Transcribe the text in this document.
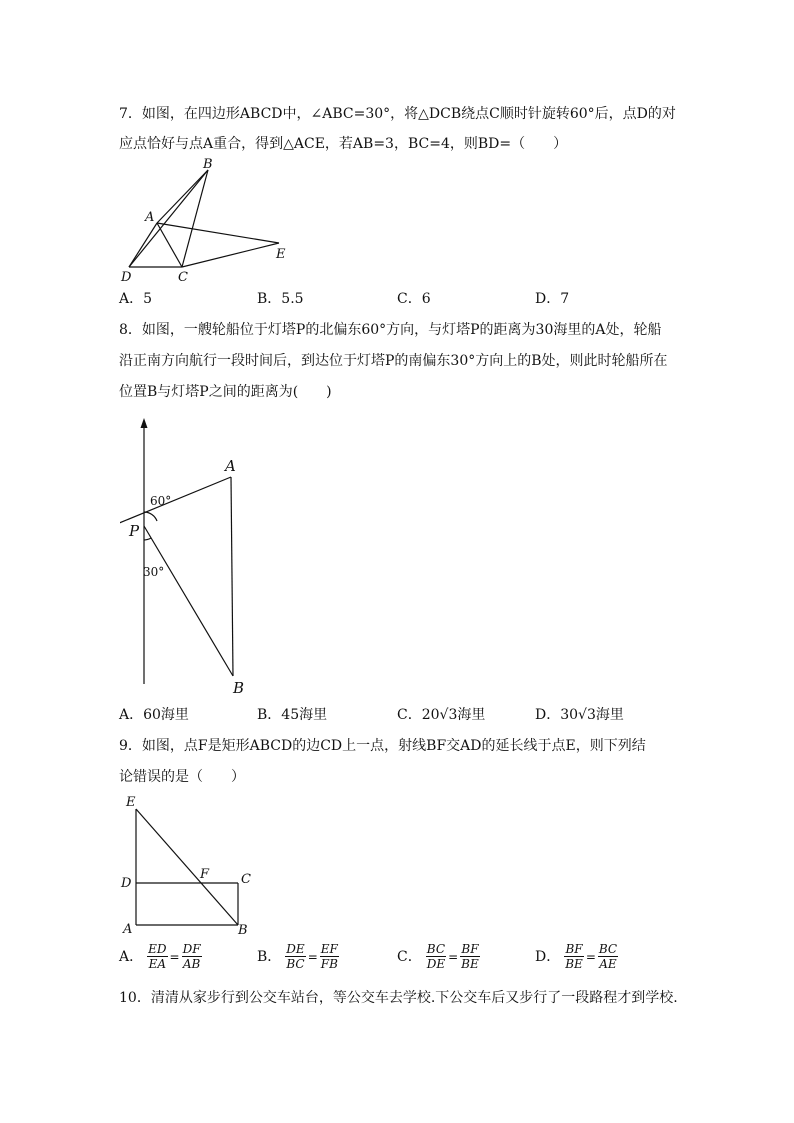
7．如图，在四边形ABCD中，∠ABC=30°，将△DCB绕点C顺时针旋转60°后，点D的对
应点恰好与点A重合，得到△ACE，若AB=3，BC=4，则BD=（　　）
B
A
D	C
E
A．5	B．5.5	C．6	D．7
8．如图，一艘轮船位于灯塔P的北偏东60°方向，与灯塔P的距离为30海里的A处，轮船
沿正南方向航行一段时间后，到达位于灯塔P的南偏东30°方向上的B处，则此时轮船所在
位置B与灯塔P之间的距离为(　　)
A
P
B
60°
30°
A．60海里	B．45海里	C．20√3海里	D．30√3海里
9．如图，点F是矩形ABCD的边CD上一点，射线BF交AD的延长线于点E，则下列结
论错误的是（　　）
E
D
F C
A	B
A． $\frac{ED}{EA} = \frac{DF}{AB}$	B． $\frac{DE}{BC} = \frac{EF}{FB}$	C． $\frac{BC}{DE} = \frac{BF}{BE}$	D． $\frac{BF}{BE} = \frac{BC}{AE}$
10．清清从家步行到公交车站台，等公交车去学校.下公交车后又步行了一段路程才到学校.
